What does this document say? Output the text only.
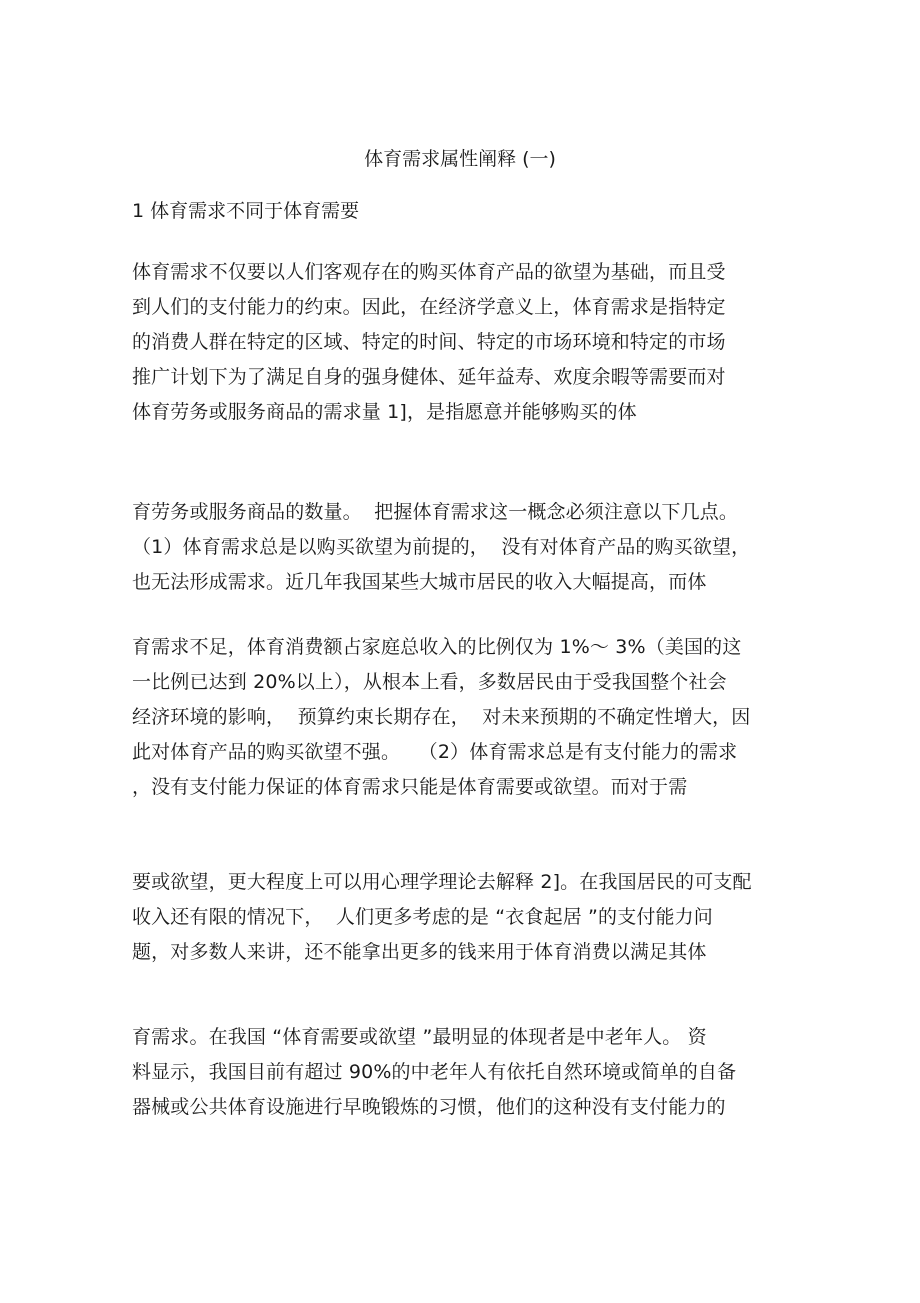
体育需求属性阐释 (一)
1 体育需求不同于体育需要
体育需求不仅要以人们客观存在的购买体育产品的欲望为基础，而且受
到人们的支付能力的约束。因此，在经济学意义上，体育需求是指特定
的消费人群在特定的区域、特定的时间、特定的市场环境和特定的市场
推广计划下为了满足自身的强身健体、延年益寿、欢度余暇等需要而对
体育劳务或服务商品的需求量 1]，是指愿意并能够购买的体
育劳务或服务商品的数量。  把握体育需求这一概念必须注意以下几点。
（1）体育需求总是以购买欲望为前提的，  没有对体育产品的购买欲望，
也无法形成需求。近几年我国某些大城市居民的收入大幅提高，而体
育需求不足，体育消费额占家庭总收入的比例仅为 1%～ 3%（美国的这
一比例已达到 20%以上），从根本上看，多数居民由于受我国整个社会
经济环境的影响，  预算约束长期存在，  对未来预期的不确定性增大，因
此对体育产品的购买欲望不强。   （2）体育需求总是有支付能力的需求
，没有支付能力保证的体育需求只能是体育需要或欲望。而对于需
要或欲望，更大程度上可以用心理学理论去解释 2]。在我国居民的可支配
收入还有限的情况下，  人们更多考虑的是 “衣食起居 ”的支付能力问
题，对多数人来讲，还不能拿出更多的钱来用于体育消费以满足其体
育需求。在我国 “体育需要或欲望 ”最明显的体现者是中老年人。 资
料显示，我国目前有超过 90%的中老年人有依托自然环境或简单的自备
器械或公共体育设施进行早晚锻炼的习惯，他们的这种没有支付能力的
